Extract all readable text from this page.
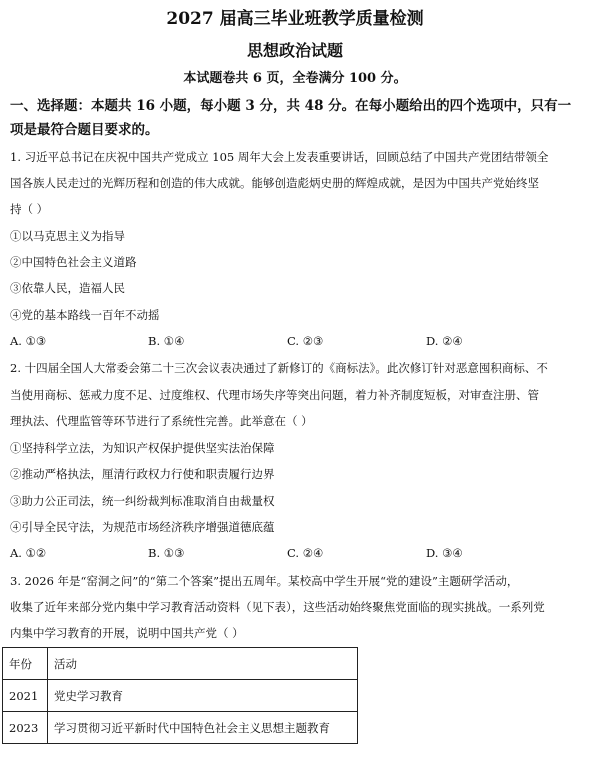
2027 届高三毕业班教学质量检测
思想政治试题
本试题卷共 6 页，全卷满分 100 分。
一、选择题：本题共 16 小题，每小题 3 分，共 48 分。在每小题给出的四个选项中，只有一项是最符合题目要求的。
1. 习近平总书记在庆祝中国共产党成立 105 周年大会上发表重要讲话，回顾总结了中国共产党团结带领全
国各族人民走过的光辉历程和创造的伟大成就。能够创造彪炳史册的辉煌成就，是因为中国共产党始终坚
持（ ）
①以马克思主义为指导
②中国特色社会主义道路
③依靠人民，造福人民
④党的基本路线一百年不动摇
A. ①③	B. ①④	C. ②③	D. ②④
2. 十四届全国人大常委会第二十三次会议表决通过了新修订的《商标法》。此次修订针对恶意囤积商标、不
当使用商标、惩戒力度不足、过度维权、代理市场失序等突出问题，着力补齐制度短板，对审查注册、管
理执法、代理监管等环节进行了系统性完善。此举意在（ ）
①坚持科学立法，为知识产权保护提供坚实法治保障
②推动严格执法，厘清行政权力行使和职责履行边界
③助力公正司法，统一纠纷裁判标准取消自由裁量权
④引导全民守法，为规范市场经济秩序增强道德底蕴
A. ①②	B. ①③	C. ②④	D. ③④
3. 2026 年是“窑洞之问”的“第二个答案”提出五周年。某校高中学生开展“党的建设”主题研学活动，
收集了近年来部分党内集中学习教育活动资料（见下表），这些活动始终聚焦党面临的现实挑战。一系列党
内集中学习教育的开展，说明中国共产党（ ）
年份	活动
2021	党史学习教育
2023	学习贯彻习近平新时代中国特色社会主义思想主题教育
